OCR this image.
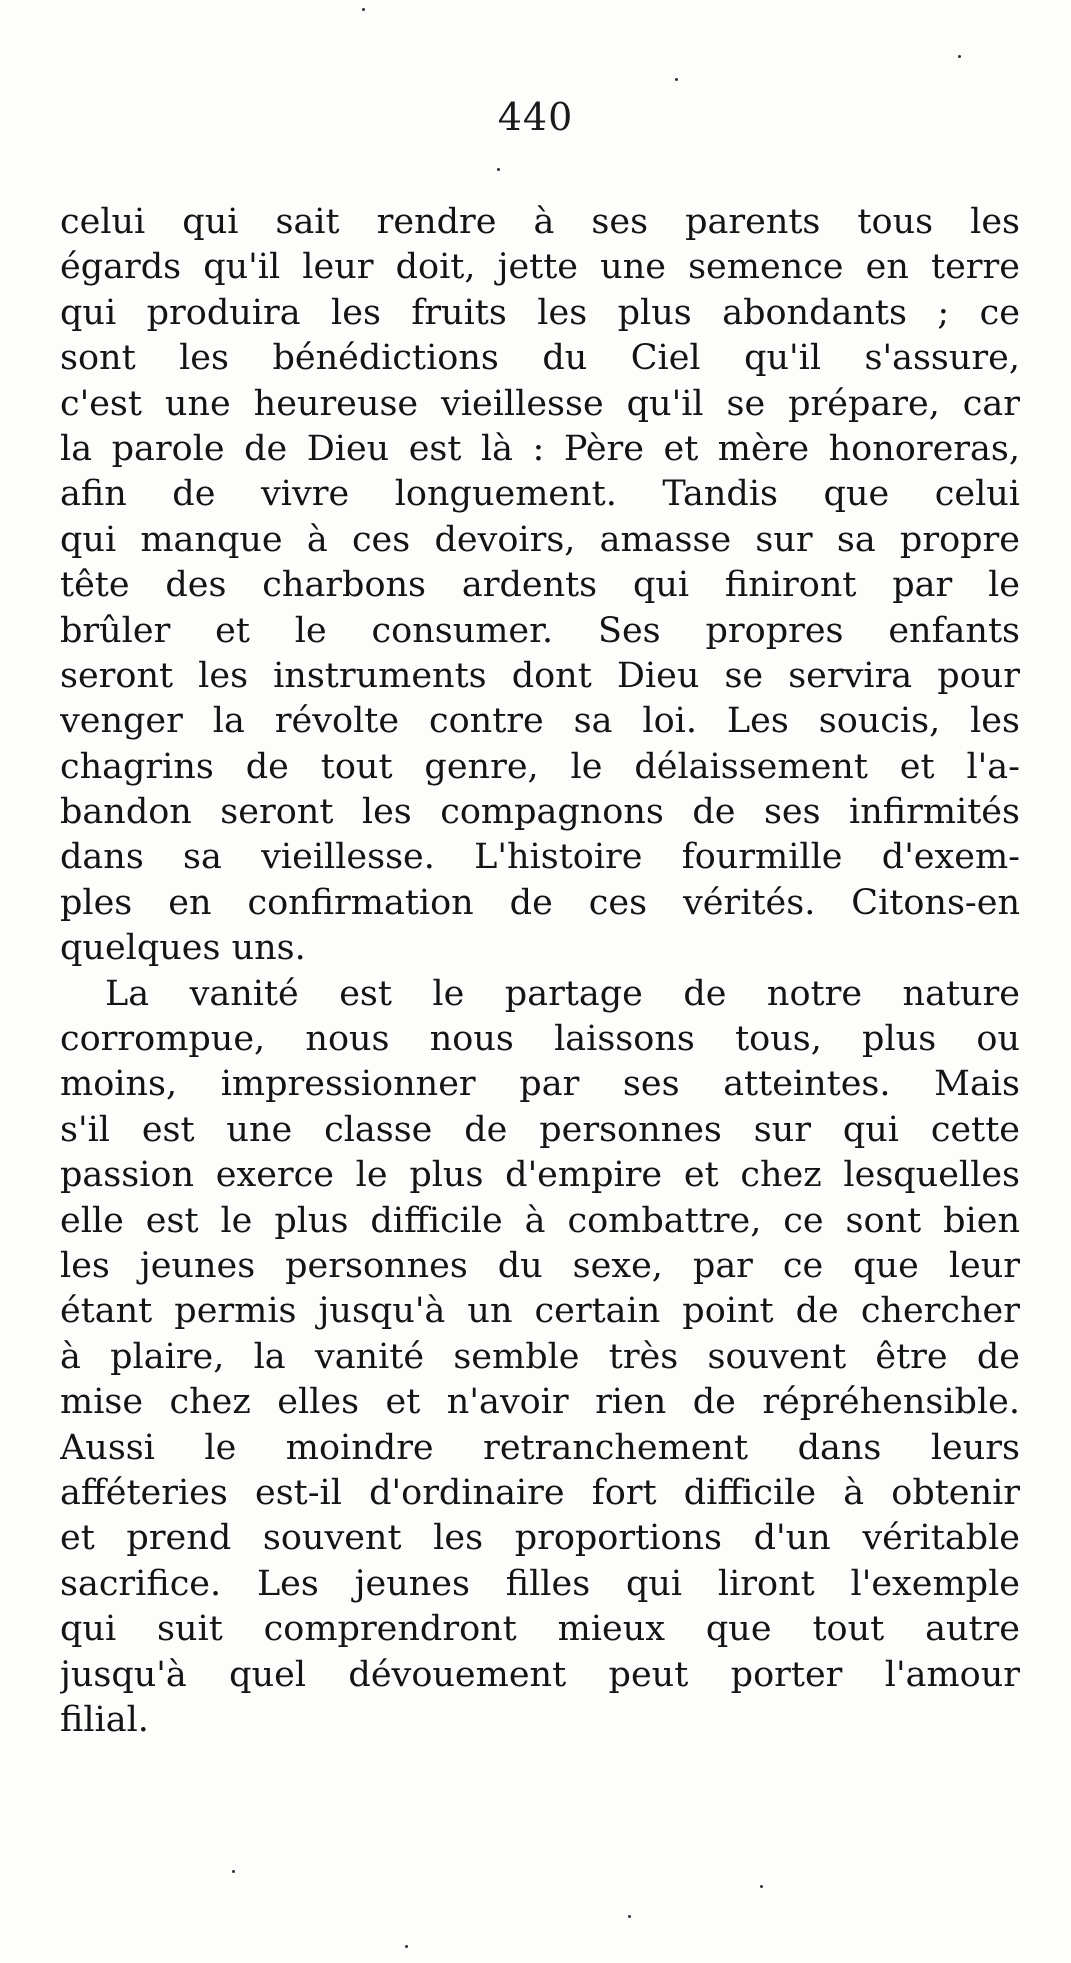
440
celui qui sait rendre à ses parents tous les
égards qu'il leur doit, jette une semence en terre
qui produira les fruits les plus abondants ; ce
sont les bénédictions du Ciel qu'il s'assure,
c'est une heureuse vieillesse qu'il se prépare, car
la parole de Dieu est là : Père et mère honoreras,
afin de vivre longuement. Tandis que celui
qui manque à ces devoirs, amasse sur sa propre
tête des charbons ardents qui finiront par le
brûler et le consumer. Ses propres enfants
seront les instruments dont Dieu se servira pour
venger la révolte contre sa loi. Les soucis, les
chagrins de tout genre, le délaissement et l'a-
bandon seront les compagnons de ses infirmités
dans sa vieillesse. L'histoire fourmille d'exem-
ples en confirmation de ces vérités. Citons-en
quelques uns.
La vanité est le partage de notre nature
corrompue, nous nous laissons tous, plus ou
moins, impressionner par ses atteintes. Mais
s'il est une classe de personnes sur qui cette
passion exerce le plus d'empire et chez lesquelles
elle est le plus difficile à combattre, ce sont bien
les jeunes personnes du sexe, par ce que leur
étant permis jusqu'à un certain point de chercher
à plaire, la vanité semble très souvent être de
mise chez elles et n'avoir rien de répréhensible.
Aussi le moindre retranchement dans leurs
afféteries est-il d'ordinaire fort difficile à obtenir
et prend souvent les proportions d'un véritable
sacrifice. Les jeunes filles qui liront l'exemple
qui suit comprendront mieux que tout autre
jusqu'à quel dévouement peut porter l'amour
filial.
